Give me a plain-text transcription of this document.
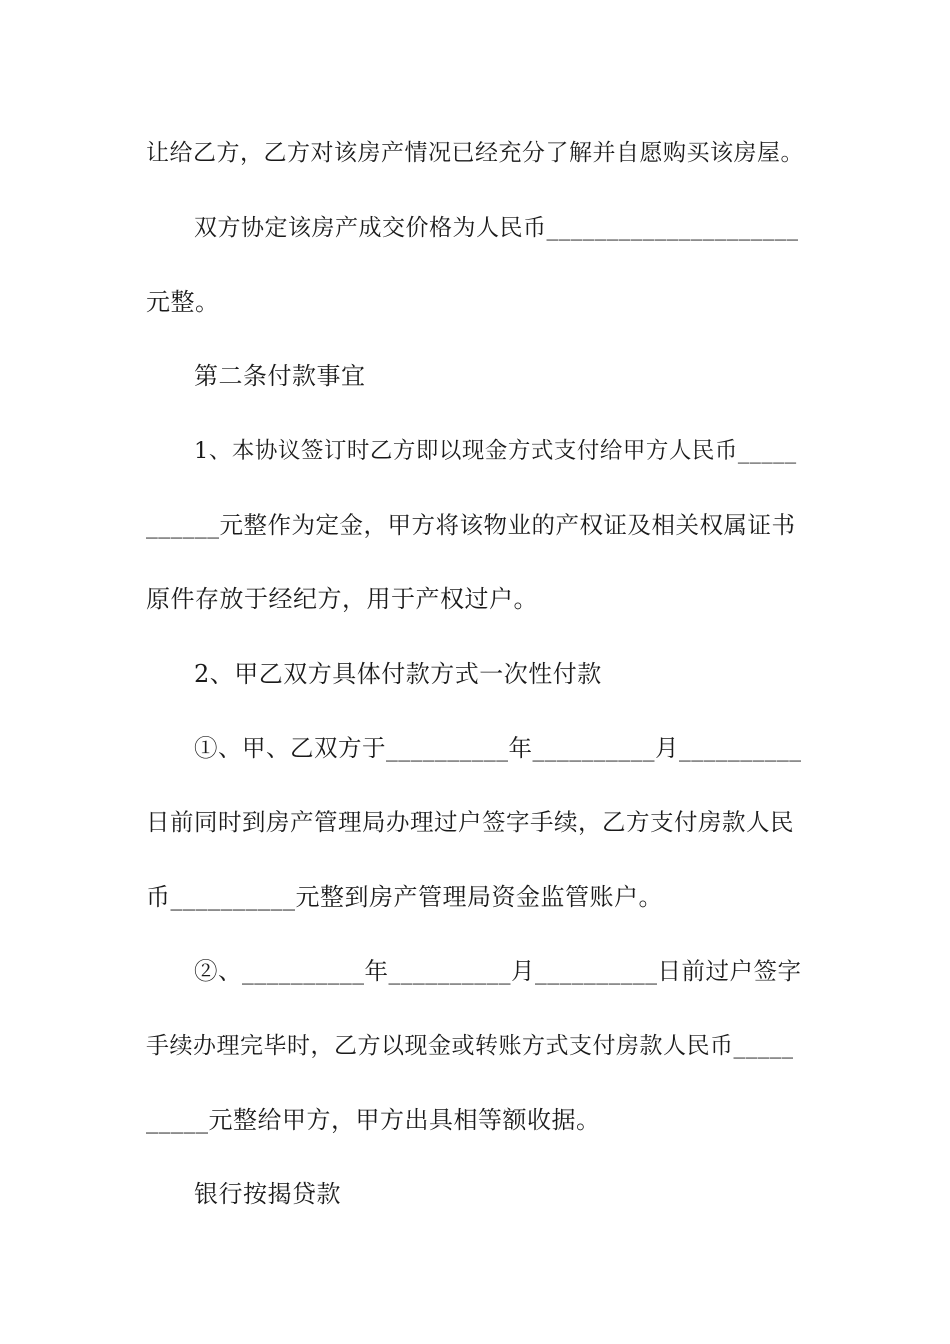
让给乙方，乙方对该房产情况已经充分了解并自愿购买该房屋。
双方协定该房产成交价格为人民币_____________________
元整。
第二条付款事宜
1、本协议签订时乙方即以现金方式支付给甲方人民币_____
______元整作为定金，甲方将该物业的产权证及相关权属证书
原件存放于经纪方，用于产权过户。
2、甲乙双方具体付款方式一次性付款
①、甲、乙双方于__________年__________月__________
日前同时到房产管理局办理过户签字手续，乙方支付房款人民
币__________元整到房产管理局资金监管账户。
②、__________年__________月__________日前过户签字
手续办理完毕时，乙方以现金或转账方式支付房款人民币_____
_____元整给甲方，甲方出具相等额收据。
银行按揭贷款
